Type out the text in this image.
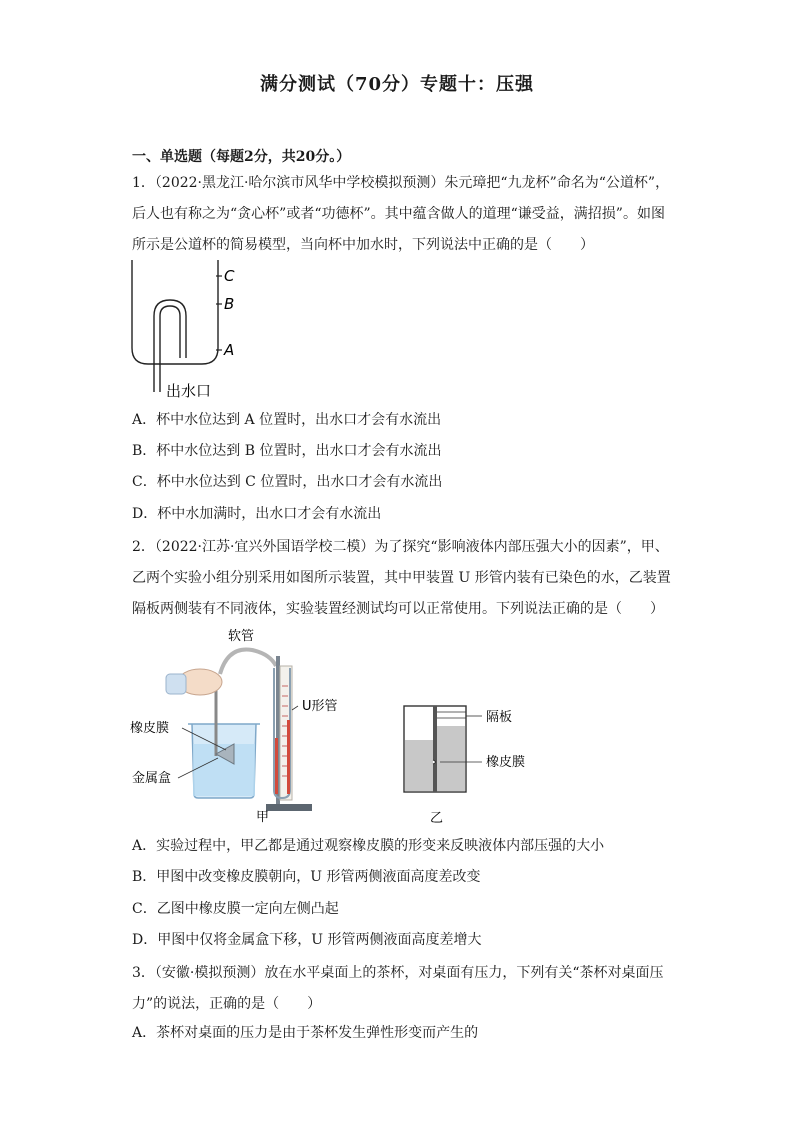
满分测试（70分）专题十：压强
一、单选题（每题2分，共20分。）
1．（2022·黑龙江·哈尔滨市风华中学校模拟预测）朱元璋把“九龙杯”命名为“公道杯”，后人也有称之为“贪心杯”或者“功德杯”。其中蕴含做人的道理“谦受益，满招损”。如图所示是公道杯的简易模型，当向杯中加水时，下列说法中正确的是（　　）
C
B
A
出水口
A．杯中水位达到 A 位置时，出水口才会有水流出
B．杯中水位达到 B 位置时，出水口才会有水流出
C．杯中水位达到 C 位置时，出水口才会有水流出
D．杯中水加满时，出水口才会有水流出
2．（2022·江苏·宜兴外国语学校二模）为了探究“影响液体内部压强大小的因素”，甲、乙两个实验小组分别采用如图所示装置，其中甲装置 U 形管内装有已染色的水，乙装置隔板两侧装有不同液体，实验装置经测试均可以正常使用。下列说法正确的是（　　）
软管
U形管
橡皮膜
金属盒
甲
隔板
橡皮膜
乙
A．实验过程中，甲乙都是通过观察橡皮膜的形变来反映液体内部压强的大小
B．甲图中改变橡皮膜朝向，U 形管两侧液面高度差改变
C．乙图中橡皮膜一定向左侧凸起
D．甲图中仅将金属盒下移，U 形管两侧液面高度差增大
3．（安徽·模拟预测）放在水平桌面上的茶杯，对桌面有压力，下列有关“茶杯对桌面压力”的说法，正确的是（　　）
A．茶杯对桌面的压力是由于茶杯发生弹性形变而产生的
